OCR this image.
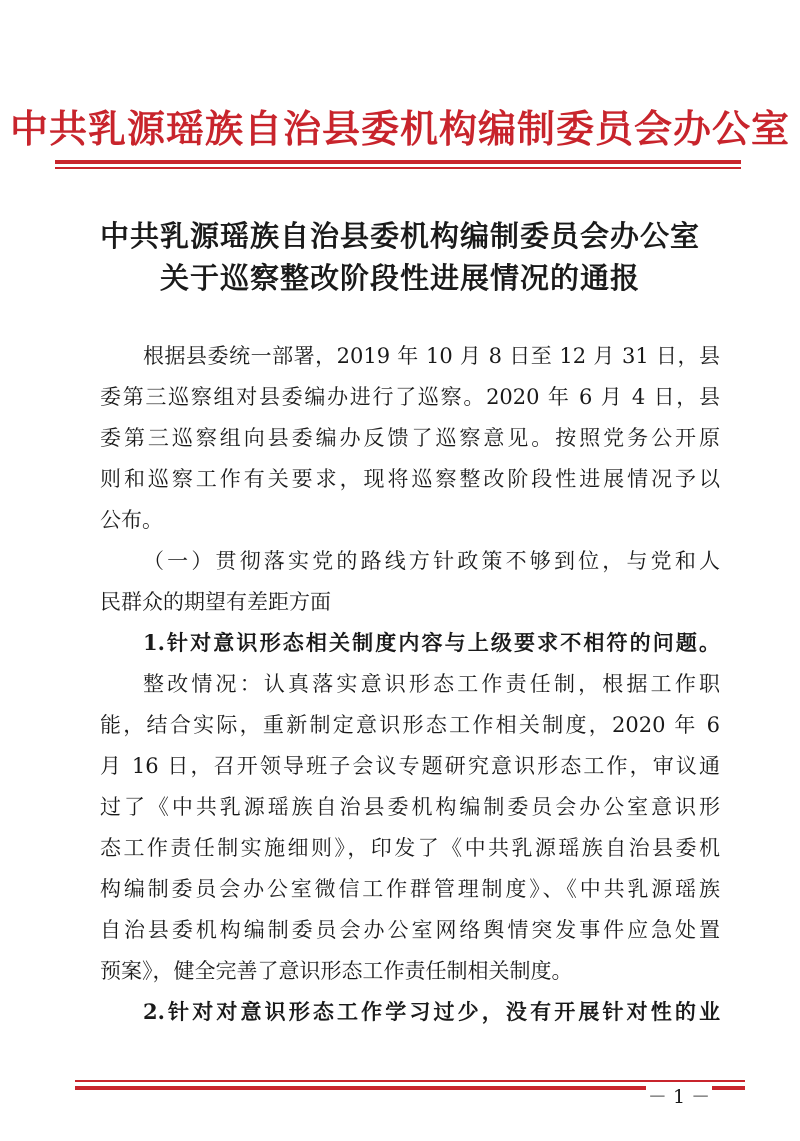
中共乳源瑶族自治县委机构编制委员会办公室
中共乳源瑶族自治县委机构编制委员会办公室
关于巡察整改阶段性进展情况的通报
根据县委统一部署，2019 年 10 月 8 日至 12 月 31 日，县
委第三巡察组对县委编办进行了巡察。2020 年 6 月 4 日，县
委第三巡察组向县委编办反馈了巡察意见。按照党务公开原
则和巡察工作有关要求，现将巡察整改阶段性进展情况予以
公布。
（一）贯彻落实党的路线方针政策不够到位，与党和人
民群众的期望有差距方面
1.针对意识形态相关制度内容与上级要求不相符的问题。
整改情况：认真落实意识形态工作责任制，根据工作职
能，结合实际，重新制定意识形态工作相关制度，2020 年 6
月 16 日，召开领导班子会议专题研究意识形态工作，审议通
过了《中共乳源瑶族自治县委机构编制委员会办公室意识形
态工作责任制实施细则》，印发了《中共乳源瑶族自治县委机
构编制委员会办公室微信工作群管理制度》、《中共乳源瑶族
自治县委机构编制委员会办公室网络舆情突发事件应急处置
预案》，健全完善了意识形态工作责任制相关制度。
2.针对对意识形态工作学习过少，没有开展针对性的业
－ 1 －
